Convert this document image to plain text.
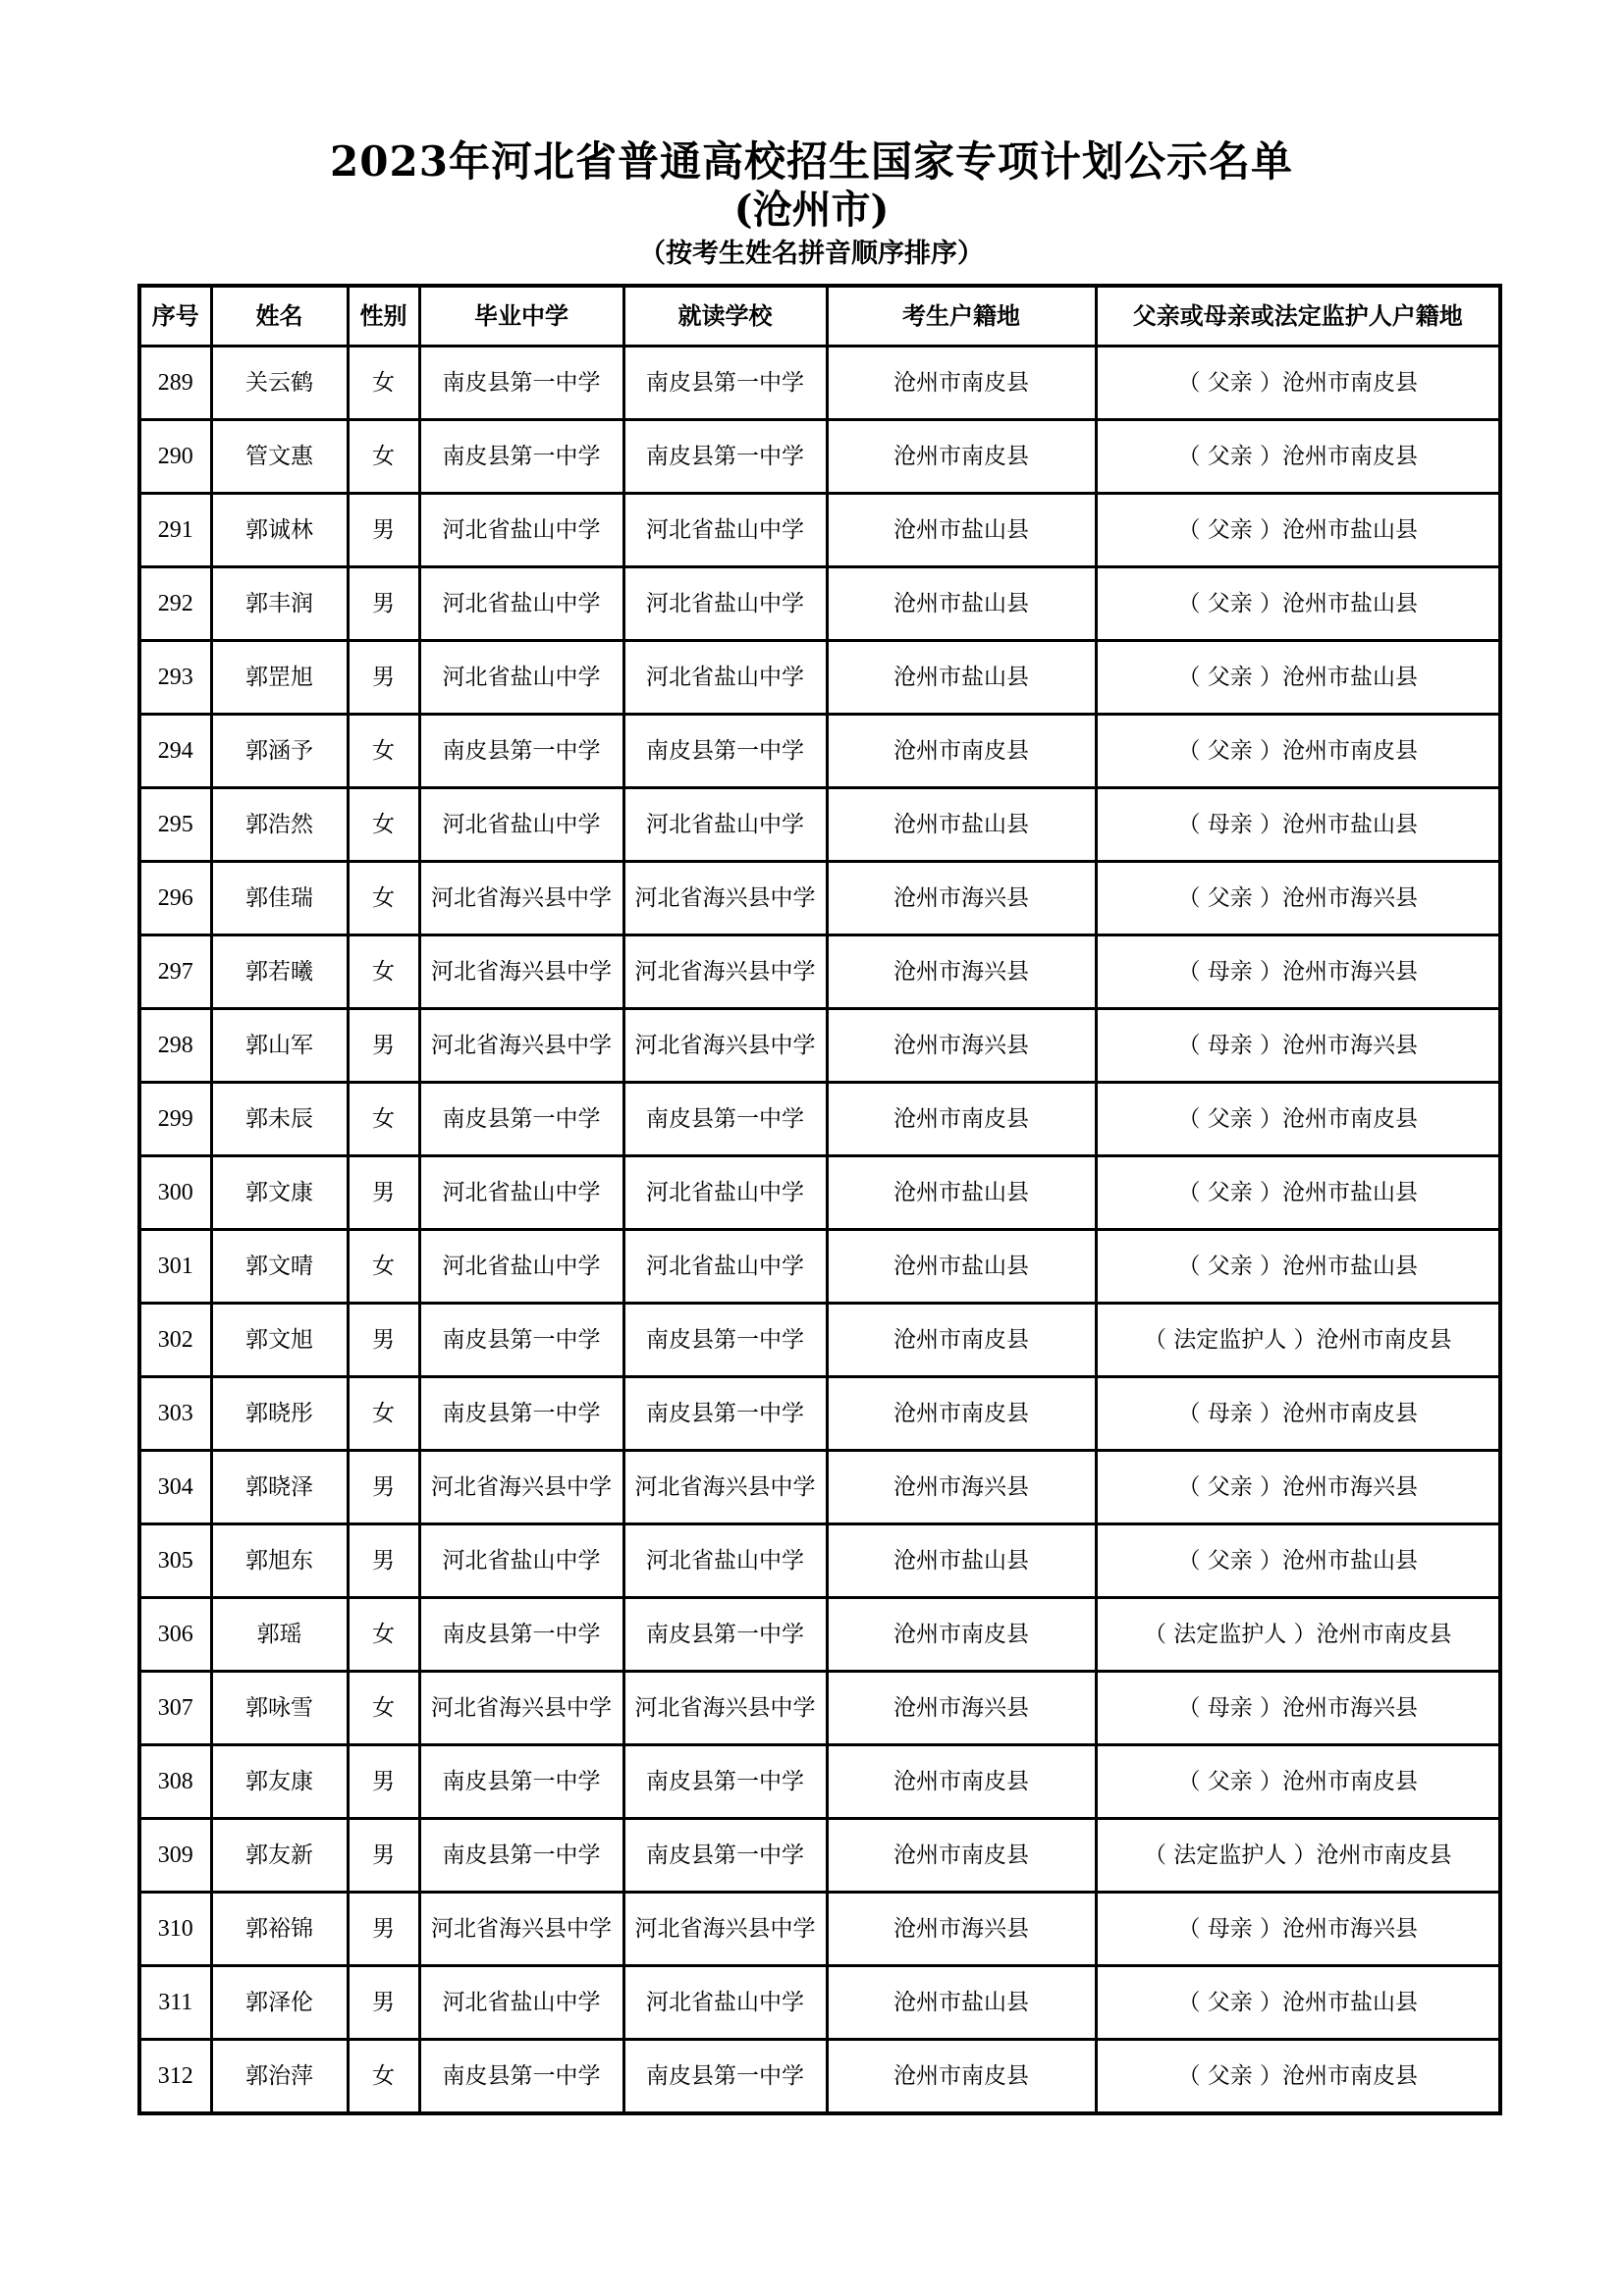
2023年河北省普通高校招生国家专项计划公示名单
(沧州市)
（按考生姓名拼音顺序排序）
序号	姓名	性别	毕业中学	就读学校	考生户籍地	父亲或母亲或法定监护人户籍地
289	关云鹤	女	南皮县第一中学	南皮县第一中学	沧州市南皮县	（ 父亲 ）沧州市南皮县
290	管文惠	女	南皮县第一中学	南皮县第一中学	沧州市南皮县	（ 父亲 ）沧州市南皮县
291	郭诚林	男	河北省盐山中学	河北省盐山中学	沧州市盐山县	（ 父亲 ）沧州市盐山县
292	郭丰润	男	河北省盐山中学	河北省盐山中学	沧州市盐山县	（ 父亲 ）沧州市盐山县
293	郭罡旭	男	河北省盐山中学	河北省盐山中学	沧州市盐山县	（ 父亲 ）沧州市盐山县
294	郭涵予	女	南皮县第一中学	南皮县第一中学	沧州市南皮县	（ 父亲 ）沧州市南皮县
295	郭浩然	女	河北省盐山中学	河北省盐山中学	沧州市盐山县	（ 母亲 ）沧州市盐山县
296	郭佳瑞	女	河北省海兴县中学	河北省海兴县中学	沧州市海兴县	（ 父亲 ）沧州市海兴县
297	郭若曦	女	河北省海兴县中学	河北省海兴县中学	沧州市海兴县	（ 母亲 ）沧州市海兴县
298	郭山军	男	河北省海兴县中学	河北省海兴县中学	沧州市海兴县	（ 母亲 ）沧州市海兴县
299	郭未辰	女	南皮县第一中学	南皮县第一中学	沧州市南皮县	（ 父亲 ）沧州市南皮县
300	郭文康	男	河北省盐山中学	河北省盐山中学	沧州市盐山县	（ 父亲 ）沧州市盐山县
301	郭文晴	女	河北省盐山中学	河北省盐山中学	沧州市盐山县	（ 父亲 ）沧州市盐山县
302	郭文旭	男	南皮县第一中学	南皮县第一中学	沧州市南皮县	（ 法定监护人 ）沧州市南皮县
303	郭晓彤	女	南皮县第一中学	南皮县第一中学	沧州市南皮县	（ 母亲 ）沧州市南皮县
304	郭晓泽	男	河北省海兴县中学	河北省海兴县中学	沧州市海兴县	（ 父亲 ）沧州市海兴县
305	郭旭东	男	河北省盐山中学	河北省盐山中学	沧州市盐山县	（ 父亲 ）沧州市盐山县
306	郭瑶	女	南皮县第一中学	南皮县第一中学	沧州市南皮县	（ 法定监护人 ）沧州市南皮县
307	郭咏雪	女	河北省海兴县中学	河北省海兴县中学	沧州市海兴县	（ 母亲 ）沧州市海兴县
308	郭友康	男	南皮县第一中学	南皮县第一中学	沧州市南皮县	（ 父亲 ）沧州市南皮县
309	郭友新	男	南皮县第一中学	南皮县第一中学	沧州市南皮县	（ 法定监护人 ）沧州市南皮县
310	郭裕锦	男	河北省海兴县中学	河北省海兴县中学	沧州市海兴县	（ 母亲 ）沧州市海兴县
311	郭泽伦	男	河北省盐山中学	河北省盐山中学	沧州市盐山县	（ 父亲 ）沧州市盐山县
312	郭治萍	女	南皮县第一中学	南皮县第一中学	沧州市南皮县	（ 父亲 ）沧州市南皮县
